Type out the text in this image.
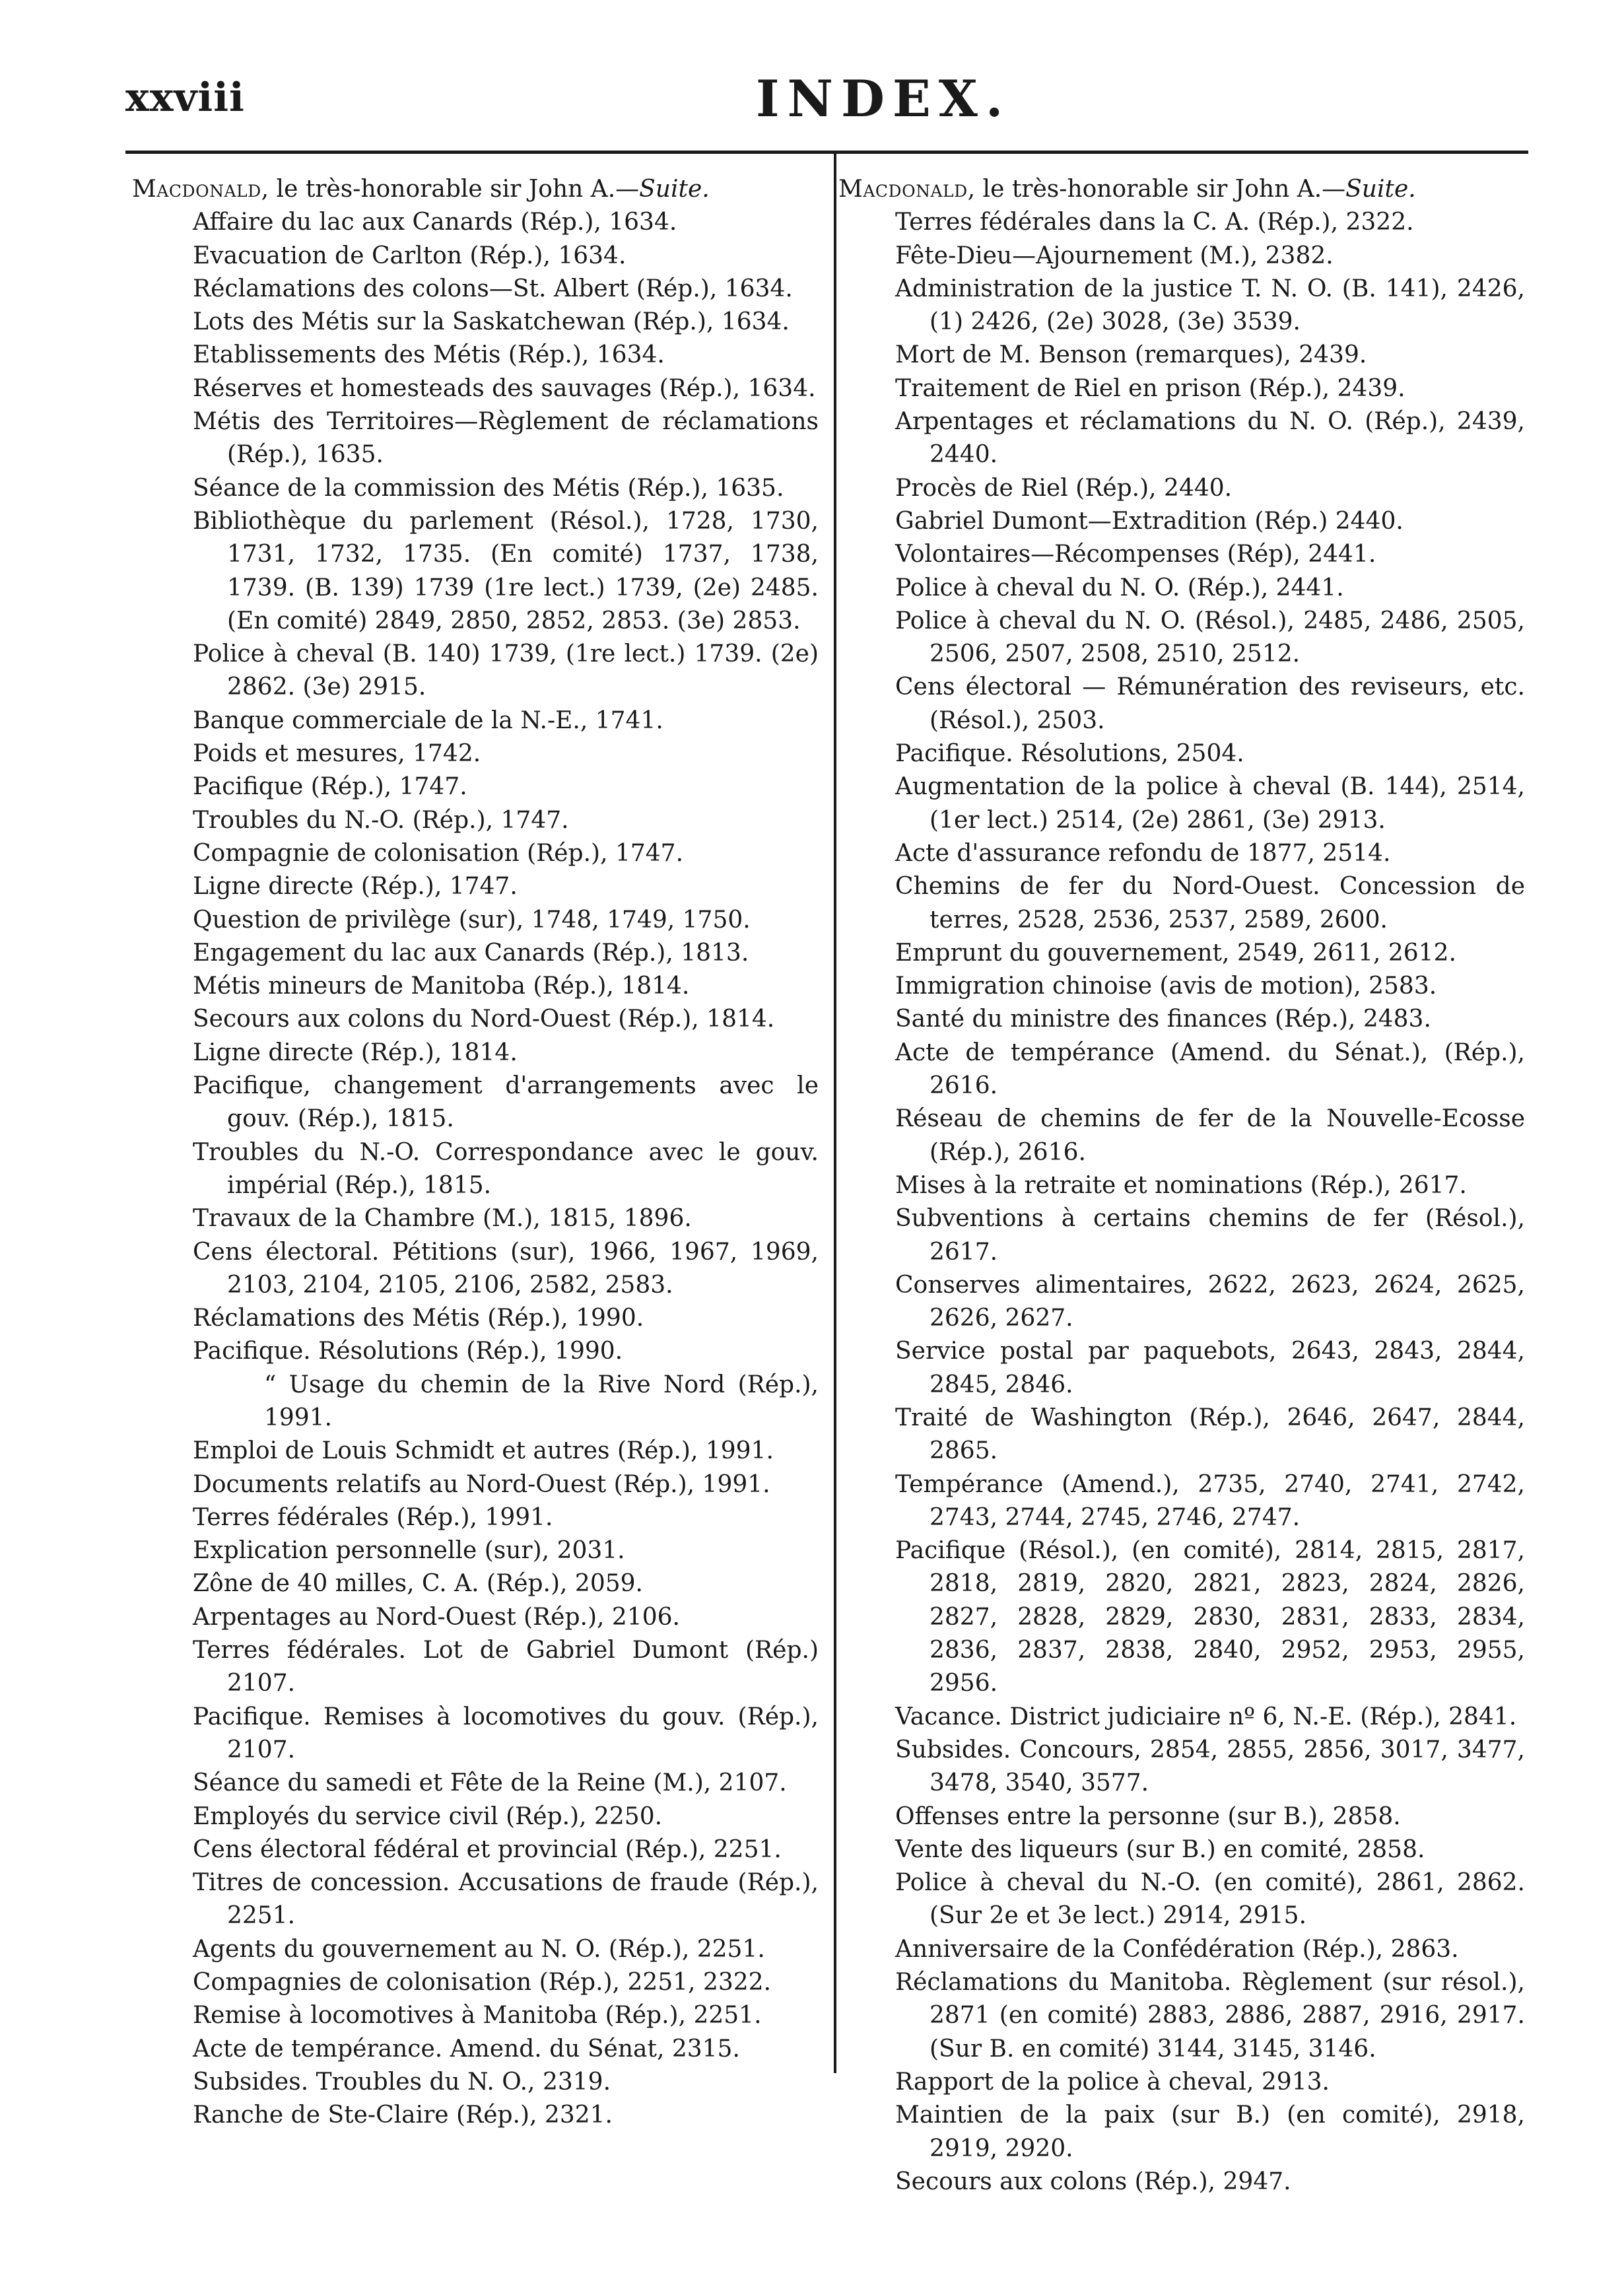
xxviii	INDEX.

Macdonald, le très-honorable sir John A.—Suite.

Affaire du lac aux Canards (Rép.), 1634.

Evacuation de Carlton (Rép.), 1634.

Réclamations des colons—St. Albert (Rép.), 1634.

Lots des Métis sur la Saskatchewan (Rép.), 1634.

Etablissements des Métis (Rép.), 1634.

Réserves et homesteads des sauvages (Rép.), 1634.

Métis des Territoires—Règlement de réclamations (Rép.), 1635.

Séance de la commission des Métis (Rép.), 1635.

Bibliothèque du parlement (Résol.), 1728, 1730, 1731, 1732, 1735. (En comité) 1737, 1738, 1739. (B. 139) 1739 (1re lect.) 1739, (2e) 2485. (En comité) 2849, 2850, 2852, 2853. (3e) 2853.

Police à cheval (B. 140) 1739, (1re lect.) 1739. (2e) 2862. (3e) 2915.

Banque commerciale de la N.-E., 1741.

Poids et mesures, 1742.

Pacifique (Rép.), 1747.

Troubles du N.-O. (Rép.), 1747.

Compagnie de colonisation (Rép.), 1747.

Ligne directe (Rép.), 1747.

Question de privilège (sur), 1748, 1749, 1750.

Engagement du lac aux Canards (Rép.), 1813.

Métis mineurs de Manitoba (Rép.), 1814.

Secours aux colons du Nord-Ouest (Rép.), 1814.

Ligne directe (Rép.), 1814.

Pacifique, changement d'arrangements avec le gouv. (Rép.), 1815.

Troubles du N.-O. Correspondance avec le gouv. impérial (Rép.), 1815.

Travaux de la Chambre (M.), 1815, 1896.

Cens électoral. Pétitions (sur), 1966, 1967, 1969, 2103, 2104, 2105, 2106, 2582, 2583.

Réclamations des Métis (Rép.), 1990.

Pacifique. Résolutions (Rép.), 1990.

“ Usage du chemin de la Rive Nord (Rép.), 1991.

Emploi de Louis Schmidt et autres (Rép.), 1991.

Documents relatifs au Nord-Ouest (Rép.), 1991.

Terres fédérales (Rép.), 1991.

Explication personnelle (sur), 2031.

Zône de 40 milles, C. A. (Rép.), 2059.

Arpentages au Nord-Ouest (Rép.), 2106.

Terres fédérales. Lot de Gabriel Dumont (Rép.) 2107.

Pacifique. Remises à locomotives du gouv. (Rép.), 2107.

Séance du samedi et Fête de la Reine (M.), 2107.

Employés du service civil (Rép.), 2250.

Cens électoral fédéral et provincial (Rép.), 2251.

Titres de concession. Accusations de fraude (Rép.), 2251.

Agents du gouvernement au N. O. (Rép.), 2251.

Compagnies de colonisation (Rép.), 2251, 2322.

Remise à locomotives à Manitoba (Rép.), 2251.

Acte de tempérance. Amend. du Sénat, 2315.

Subsides. Troubles du N. O., 2319.

Ranche de Ste-Claire (Rép.), 2321.

Macdonald, le très-honorable sir John A.—Suite.

Terres fédérales dans la C. A. (Rép.), 2322.

Fête-Dieu—Ajournement (M.), 2382.

Administration de la justice T. N. O. (B. 141), 2426, (1) 2426, (2e) 3028, (3e) 3539.

Mort de M. Benson (remarques), 2439.

Traitement de Riel en prison (Rép.), 2439.

Arpentages et réclamations du N. O. (Rép.), 2439, 2440.

Procès de Riel (Rép.), 2440.

Gabriel Dumont—Extradition (Rép.) 2440.

Volontaires—Récompenses (Rép), 2441.

Police à cheval du N. O. (Rép.), 2441.

Police à cheval du N. O. (Résol.), 2485, 2486, 2505, 2506, 2507, 2508, 2510, 2512.

Cens électoral — Rémunération des reviseurs, etc. (Résol.), 2503.

Pacifique. Résolutions, 2504.

Augmentation de la police à cheval (B. 144), 2514, (1er lect.) 2514, (2e) 2861, (3e) 2913.

Acte d'assurance refondu de 1877, 2514.

Chemins de fer du Nord-Ouest. Concession de terres, 2528, 2536, 2537, 2589, 2600.

Emprunt du gouvernement, 2549, 2611, 2612.

Immigration chinoise (avis de motion), 2583.

Santé du ministre des finances (Rép.), 2483.

Acte de tempérance (Amend. du Sénat.), (Rép.), 2616.

Réseau de chemins de fer de la Nouvelle-Ecosse (Rép.), 2616.

Mises à la retraite et nominations (Rép.), 2617.

Subventions à certains chemins de fer (Résol.), 2617.

Conserves alimentaires, 2622, 2623, 2624, 2625, 2626, 2627.

Service postal par paquebots, 2643, 2843, 2844, 2845, 2846.

Traité de Washington (Rép.), 2646, 2647, 2844, 2865.

Tempérance (Amend.), 2735, 2740, 2741, 2742, 2743, 2744, 2745, 2746, 2747.

Pacifique (Résol.), (en comité), 2814, 2815, 2817, 2818, 2819, 2820, 2821, 2823, 2824, 2826, 2827, 2828, 2829, 2830, 2831, 2833, 2834, 2836, 2837, 2838, 2840, 2952, 2953, 2955, 2956.

Vacance. District judiciaire nº 6, N.-E. (Rép.), 2841.

Subsides. Concours, 2854, 2855, 2856, 3017, 3477, 3478, 3540, 3577.

Offenses entre la personne (sur B.), 2858.

Vente des liqueurs (sur B.) en comité, 2858.

Police à cheval du N.-O. (en comité), 2861, 2862. (Sur 2e et 3e lect.) 2914, 2915.

Anniversaire de la Confédération (Rép.), 2863.

Réclamations du Manitoba. Règlement (sur résol.), 2871 (en comité) 2883, 2886, 2887, 2916, 2917. (Sur B. en comité) 3144, 3145, 3146.

Rapport de la police à cheval, 2913.

Maintien de la paix (sur B.) (en comité), 2918, 2919, 2920.

Secours aux colons (Rép.), 2947.
